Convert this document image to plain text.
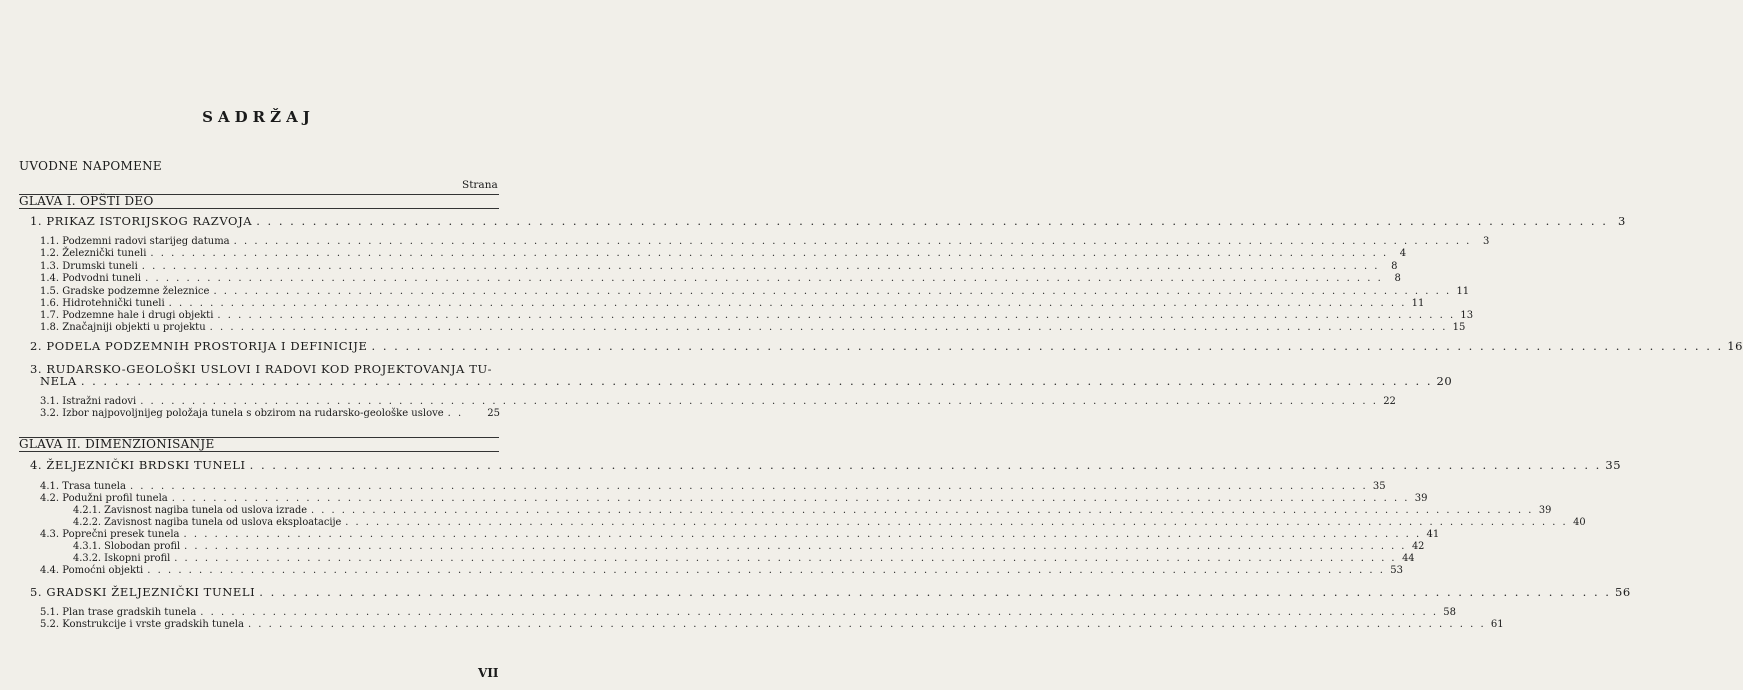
SADRŽAJ
UVODNE NAPOMENE
Strana
GLAVA I. OPŠTI DEO
1. PRIKAZ ISTORIJSKOG RAZVOJA . . . . . . . . . . . . . . . . . . . . . . . . . . . . . . . . . . . . . . . . . . . . . . . . . . . . . . . . . . . . . . . . . . . . . . . . . . . . . . . . . . . . . . . . . . . . . . . . . . . . . . . . . . . . . . . . . . . . . . . . 3
1.1. Podzemni radovi starijeg datuma . . . . . . . . . . . . . . . . . . . . . . . . . . . . . . . . . . . . . . . . . . . . . . . . . . . . . . . . . . . . . . . . . . . . . . . . . . . . . . . . . . . . . . . . . . . . . . . . . . . . . . . . . . . . . . . . . . . . . . . .	3
1.2. Železnički tuneli . . . . . . . . . . . . . . . . . . . . . . . . . . . . . . . . . . . . . . . . . . . . . . . . . . . . . . . . . . . . . . . . . . . . . . . . . . . . . . . . . . . . . . . . . . . . . . . . . . . . . . . . . . . . . . . . . . . . . . . .	4
1.3. Drumski tuneli . . . . . . . . . . . . . . . . . . . . . . . . . . . . . . . . . . . . . . . . . . . . . . . . . . . . . . . . . . . . . . . . . . . . . . . . . . . . . . . . . . . . . . . . . . . . . . . . . . . . . . . . . . . . . . . . . . . . . . . .	8
1.4. Podvodni tuneli . . . . . . . . . . . . . . . . . . . . . . . . . . . . . . . . . . . . . . . . . . . . . . . . . . . . . . . . . . . . . . . . . . . . . . . . . . . . . . . . . . . . . . . . . . . . . . . . . . . . . . . . . . . . . . . . . . . . . . . .	8
1.5. Gradske podzemne železnice . . . . . . . . . . . . . . . . . . . . . . . . . . . . . . . . . . . . . . . . . . . . . . . . . . . . . . . . . . . . . . . . . . . . . . . . . . . . . . . . . . . . . . . . . . . . . . . . . . . . . . . . . . . . . . . . . . . . . . . . 11
1.6. Hidrotehnički tuneli . . . . . . . . . . . . . . . . . . . . . . . . . . . . . . . . . . . . . . . . . . . . . . . . . . . . . . . . . . . . . . . . . . . . . . . . . . . . . . . . . . . . . . . . . . . . . . . . . . . . . . . . . . . . . . . . . . . . . . . . 11
1.7. Podzemne hale i drugi objekti . . . . . . . . . . . . . . . . . . . . . . . . . . . . . . . . . . . . . . . . . . . . . . . . . . . . . . . . . . . . . . . . . . . . . . . . . . . . . . . . . . . . . . . . . . . . . . . . . . . . . . . . . . . . . . . . . . . . . . . . 13
1.8. Značajniji objekti u projektu . . . . . . . . . . . . . . . . . . . . . . . . . . . . . . . . . . . . . . . . . . . . . . . . . . . . . . . . . . . . . . . . . . . . . . . . . . . . . . . . . . . . . . . . . . . . . . . . . . . . . . . . . . . . . . . . . . . . . . . . 15
2. PODELA PODZEMNIH PROSTORIJA I DEFINICIJE . . . . . . . . . . . . . . . . . . . . . . . . . . . . . . . . . . . . . . . . . . . . . . . . . . . . . . . . . . . . . . . . . . . . . . . . . . . . . . . . . . . . . . . . . . . . . . . . . . . . . . . . . . . . . . . . . . . . . . . . 16
3. RUDARSKO-GEOLOŠKI USLOVI I RADOVI KOD PROJEKTOVANJA TU-
NELA . . . . . . . . . . . . . . . . . . . . . . . . . . . . . . . . . . . . . . . . . . . . . . . . . . . . . . . . . . . . . . . . . . . . . . . . . . . . . . . . . . . . . . . . . . . . . . . . . . . . . . . . . . . . . . . . . . . . . . . . 20
3.1. Istražni radovi . . . . . . . . . . . . . . . . . . . . . . . . . . . . . . . . . . . . . . . . . . . . . . . . . . . . . . . . . . . . . . . . . . . . . . . . . . . . . . . . . . . . . . . . . . . . . . . . . . . . . . . . . . . . . . . . . . . . . . . . 22
3.2. Izbor najpovoljnijeg položaja tunela s obzirom na rudarsko-geološke uslove . .	25
GLAVA II. DIMENZIONISANJE
4. ŽELJEZNIČKI BRDSKI TUNELI . . . . . . . . . . . . . . . . . . . . . . . . . . . . . . . . . . . . . . . . . . . . . . . . . . . . . . . . . . . . . . . . . . . . . . . . . . . . . . . . . . . . . . . . . . . . . . . . . . . . . . . . . . . . . . . . . . . . . . . . 35
4.1. Trasa tunela . . . . . . . . . . . . . . . . . . . . . . . . . . . . . . . . . . . . . . . . . . . . . . . . . . . . . . . . . . . . . . . . . . . . . . . . . . . . . . . . . . . . . . . . . . . . . . . . . . . . . . . . . . . . . . . . . . . . . . . . 35
4.2. Podužni profil tunela . . . . . . . . . . . . . . . . . . . . . . . . . . . . . . . . . . . . . . . . . . . . . . . . . . . . . . . . . . . . . . . . . . . . . . . . . . . . . . . . . . . . . . . . . . . . . . . . . . . . . . . . . . . . . . . . . . . . . . . . 39
4.2.1. Zavisnost nagiba tunela od uslova izrade . . . . . . . . . . . . . . . . . . . . . . . . . . . . . . . . . . . . . . . . . . . . . . . . . . . . . . . . . . . . . . . . . . . . . . . . . . . . . . . . . . . . . . . . . . . . . . . . . . . . . . . . . . . . . . . . . . . . . . . . 39
4.2.2. Zavisnost nagiba tunela od uslova eksploatacije . . . . . . . . . . . . . . . . . . . . . . . . . . . . . . . . . . . . . . . . . . . . . . . . . . . . . . . . . . . . . . . . . . . . . . . . . . . . . . . . . . . . . . . . . . . . . . . . . . . . . . . . . . . . . . . . . . . . . . . . 40
4.3. Poprečni presek tunela . . . . . . . . . . . . . . . . . . . . . . . . . . . . . . . . . . . . . . . . . . . . . . . . . . . . . . . . . . . . . . . . . . . . . . . . . . . . . . . . . . . . . . . . . . . . . . . . . . . . . . . . . . . . . . . . . . . . . . . . 41
4.3.1. Slobodan profil . . . . . . . . . . . . . . . . . . . . . . . . . . . . . . . . . . . . . . . . . . . . . . . . . . . . . . . . . . . . . . . . . . . . . . . . . . . . . . . . . . . . . . . . . . . . . . . . . . . . . . . . . . . . . . . . . . . . . . . . 42
4.3.2. Iskopni profil . . . . . . . . . . . . . . . . . . . . . . . . . . . . . . . . . . . . . . . . . . . . . . . . . . . . . . . . . . . . . . . . . . . . . . . . . . . . . . . . . . . . . . . . . . . . . . . . . . . . . . . . . . . . . . . . . . . . . . . . 44
4.4. Pomoćni objekti . . . . . . . . . . . . . . . . . . . . . . . . . . . . . . . . . . . . . . . . . . . . . . . . . . . . . . . . . . . . . . . . . . . . . . . . . . . . . . . . . . . . . . . . . . . . . . . . . . . . . . . . . . . . . . . . . . . . . . . . 53
5. GRADSKI ŽELJEZNIČKI TUNELI . . . . . . . . . . . . . . . . . . . . . . . . . . . . . . . . . . . . . . . . . . . . . . . . . . . . . . . . . . . . . . . . . . . . . . . . . . . . . . . . . . . . . . . . . . . . . . . . . . . . . . . . . . . . . . . . . . . . . . . . 56
5.1. Plan trase gradskih tunela . . . . . . . . . . . . . . . . . . . . . . . . . . . . . . . . . . . . . . . . . . . . . . . . . . . . . . . . . . . . . . . . . . . . . . . . . . . . . . . . . . . . . . . . . . . . . . . . . . . . . . . . . . . . . . . . . . . . . . . . 58
5.2. Konstrukcije i vrste gradskih tunela . . . . . . . . . . . . . . . . . . . . . . . . . . . . . . . . . . . . . . . . . . . . . . . . . . . . . . . . . . . . . . . . . . . . . . . . . . . . . . . . . . . . . . . . . . . . . . . . . . . . . . . . . . . . . . . . . . . . . . . . 61
VII
